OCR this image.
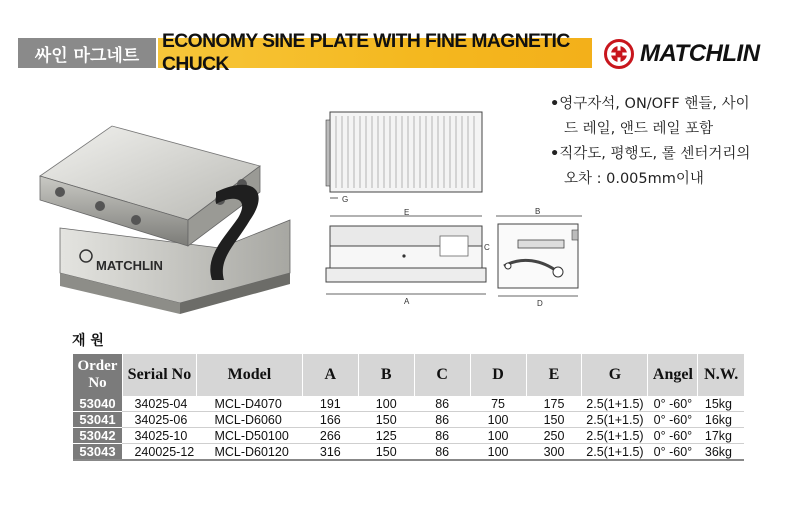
싸인 마그네트
ECONOMY SINE PLATE WITH FINE MAGNETIC CHUCK	MATCHLIN
MATCHLIN
G
E
A
C
B
D
•영구자석, ON/OFF 핸들, 사이
드 레일, 앤드 레일 포함
•직각도, 평행도, 롤 센터거리의
오차 : 0.005mm이내
재 원
Order
No	Serial No	Model	A	B	C	D	E	G	Angel	N.W.
53040	34025-04	MCL-D4070	191	100	86	75	175	2.5(1+1.5)	0° -60°	15kg
53041	34025-06	MCL-D6060	166	150	86	100	150	2.5(1+1.5)	0° -60°	16kg
53042	34025-10	MCL-D50100	266	125	86	100	250	2.5(1+1.5)	0° -60°	17kg
53043	240025-12	MCL-D60120	316	150	86	100	300	2.5(1+1.5)	0° -60°	36kg
